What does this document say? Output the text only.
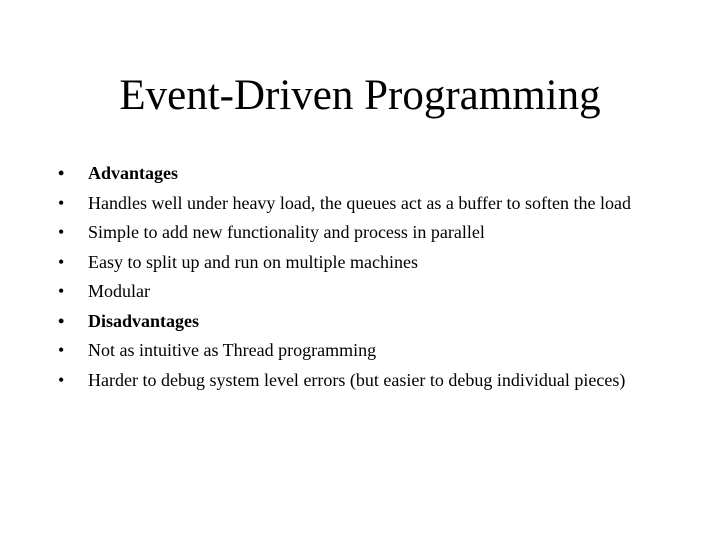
Event-Driven Programming
• Advantages
• Handles well under heavy load, the queues act as a buffer to soften the load
• Simple to add new functionality and process in parallel
• Easy to split up and run on multiple machines
• Modular
• Disadvantages
• Not as intuitive as Thread programming
• Harder to debug system level errors (but easier to debug individual pieces)
